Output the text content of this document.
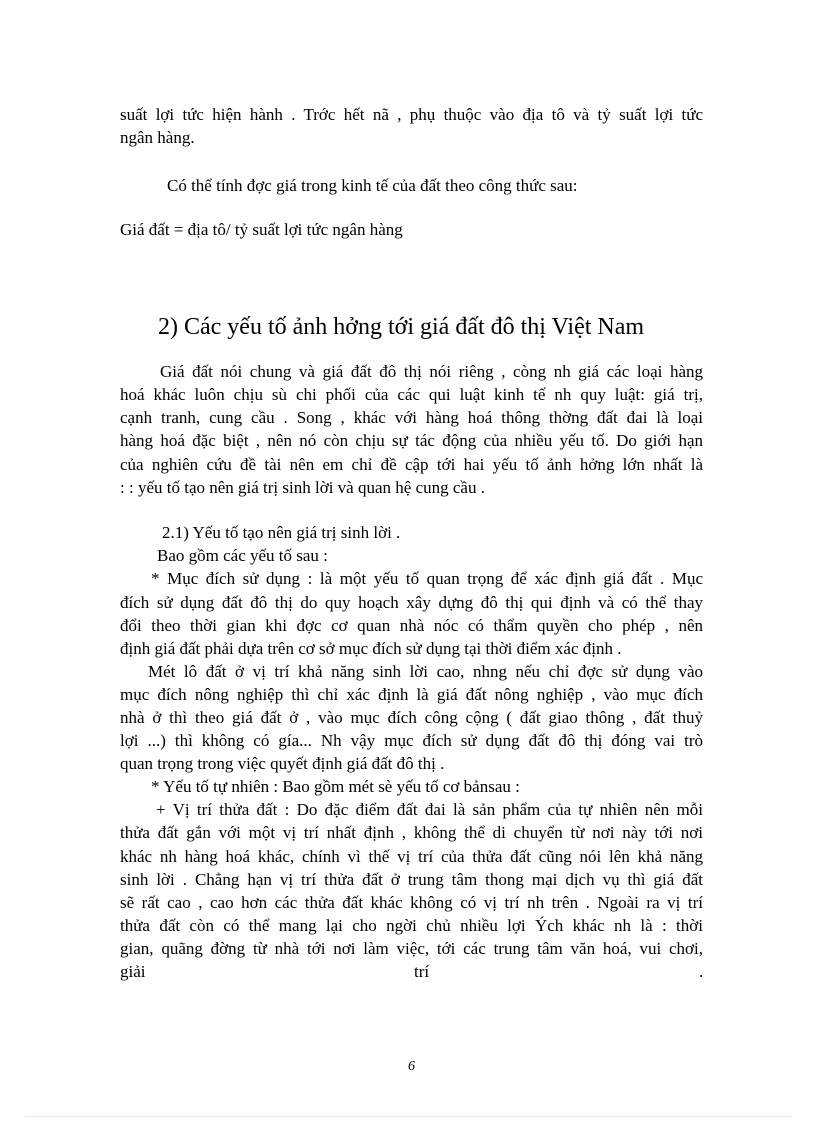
suất lợi tức hiện hành . Trớc hết nã , phụ thuộc vào địa tô và tỷ suất lợi tức
ngân hàng.
Có thể tính đợc giá trong kinh tế của đất theo công thức sau:
Giá đất = địa tô/ tỷ suất lợi tức ngân hàng
2) Các yếu tố ảnh hởng tới giá đất đô thị Việt Nam
Giá đất nói chung và giá đất đô thị nói riêng , còng nh giá các loại hàng
hoá khác luôn chịu sù chi phối của các qui luật kinh tế nh quy luật: giá trị,
cạnh tranh, cung cầu . Song , khác với hàng hoá thông thờng đất đai là loại
hàng hoá đặc biệt , nên nó còn chịu sự tác động của nhiều yếu tố. Do giới hạn
của nghiên cứu đề tài nên em chỉ đề cập tới hai yếu tố ảnh hởng lớn nhất là
: : yếu tố tạo nên giá trị sinh lời và quan hệ cung cầu .
2.1) Yếu tố tạo nên giá trị sinh lời .
Bao gồm các yếu tố sau :
* Mục đích sử dụng : là một yếu tố quan trọng để xác định giá đất . Mục
đích sử dụng đất đô thị do quy hoạch xây dựng đô thị qui định và có thể thay
đổi theo thời gian khi đợc cơ quan nhà nóc có thẩm quyền cho phép , nên
định giá đất phải dựa trên cơ sở mục đích sử dụng tại thời điểm xác định .
Mét lô đất ở vị trí khả năng sinh lời cao, nhng nếu chỉ đợc sử dụng vào
mục đích nông nghiệp thì chỉ xác định là giá đất nông nghiệp , vào mục đích
nhà ở thì theo giá đất ở , vào mục đích công cộng ( đất giao thông , đất thuỷ
lợi ...) thì không có gía... Nh vậy mục đích sử dụng đất đô thị đóng vai trò
quan trọng trong việc quyết định giá đất đô thị .
* Yếu tố tự nhiên : Bao gồm mét sè yếu tố cơ bảnsau :
+ Vị trí thửa đất : Do đặc điểm đất đai là sản phẩm của tự nhiên nên mỗi
thửa đất gắn với một vị trí nhất định , không thể di chuyển từ nơi này tới nơi
khác nh hàng hoá khác, chính vì thế vị trí của thửa đất cũng nói lên khả năng
sinh lời . Chẳng hạn vị trí thửa đất ở trung tâm thong mại dịch vụ thì giá đất
sẽ rất cao , cao hơn các thửa đất khác không có vị trí nh trên . Ngoài ra vị trí
thửa đất còn có thể mang lại cho ngời chủ nhiều lợi Ých khác nh là : thời
gian, quãng đờng từ nhà tới nơi làm việc, tới các trung tâm văn hoá, vui chơi,
giải	trí	.
6
